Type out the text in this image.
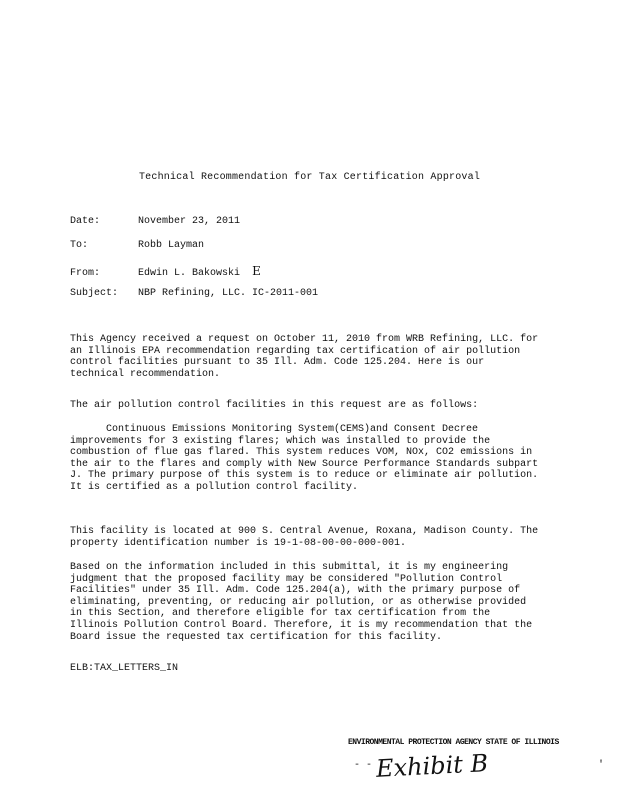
Technical Recommendation for Tax Certification Approval
Date:	November 23, 2011
To:	Robb Layman
From:	Edwin L. Bakowski E
Subject: NBP Refining, LLC. IC-2011-001
This Agency received a request on October 11, 2010 from WRB Refining, LLC. for an Illinois EPA recommendation regarding tax certification of air pollution control facilities pursuant to 35 Ill. Adm. Code 125.204. Here is our technical recommendation.
The air pollution control facilities in this request are as follows:
Continuous Emissions Monitoring System(CEMS)and Consent Decree improvements for 3 existing flares; which was installed to provide the combustion of flue gas flared. This system reduces VOM, NOx, CO2 emissions in the air to the flares and comply with New Source Performance Standards subpart J. The primary purpose of this system is to reduce or eliminate air pollution. It is certified as a pollution control facility.
This facility is located at 900 S. Central Avenue, Roxana, Madison County. The property identification number is 19-1-08-00-00-000-001.
Based on the information included in this submittal, it is my engineering judgment that the proposed facility may be considered "Pollution Control Facilities" under 35 Ill. Adm. Code 125.204(a), with the primary purpose of eliminating, preventing, or reducing air pollution, or as otherwise provided in this Section, and therefore eligible for tax certification from the Illinois Pollution Control Board. Therefore, it is my recommendation that the Board issue the requested tax certification for this facility.
ELB:TAX_LETTERS_IN
ENVIRONMENTAL PROTECTION AGENCY STATE OF ILLINOIS
- - Exhibit B	'
